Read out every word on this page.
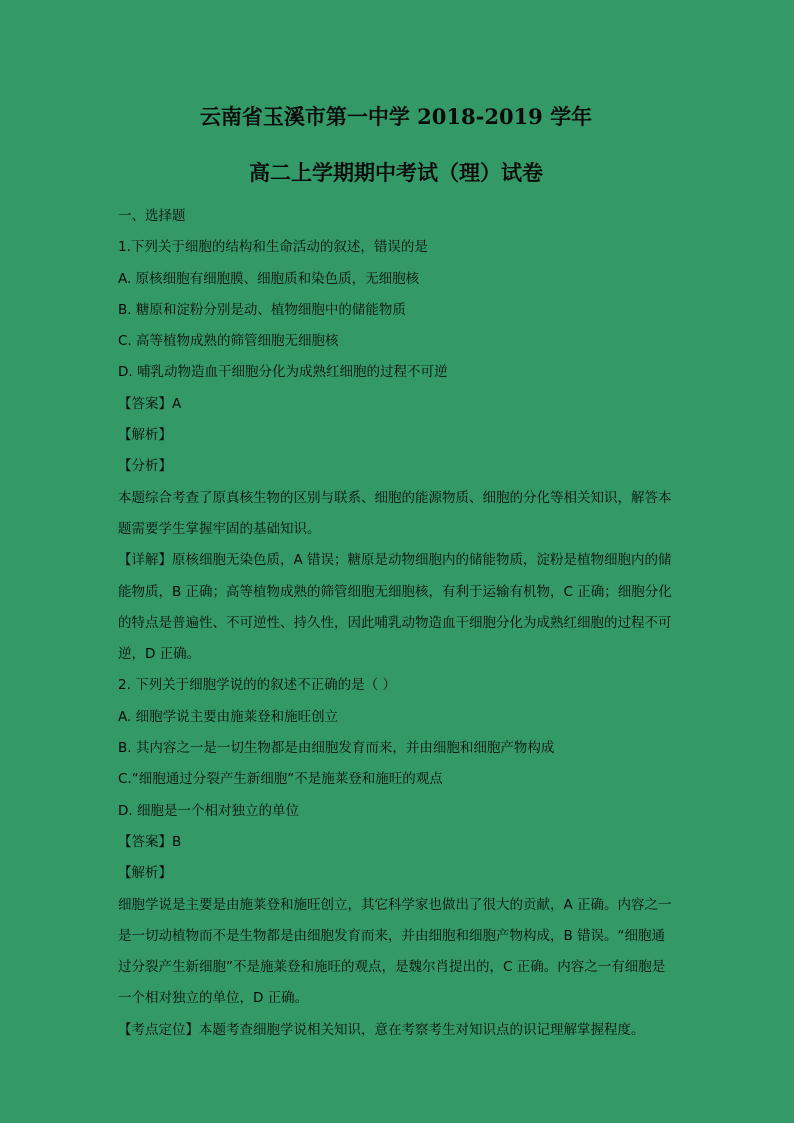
云南省玉溪市第一中学 2018-2019 学年
高二上学期期中考试（理）试卷

一、选择题

1.下列关于细胞的结构和生命活动的叙述，错误的是

A. 原核细胞有细胞膜、细胞质和染色质，无细胞核

B. 糖原和淀粉分别是动、植物细胞中的储能物质

C. 高等植物成熟的筛管细胞无细胞核

D. 哺乳动物造血干细胞分化为成熟红细胞的过程不可逆

【答案】A

【解析】

【分析】

本题综合考查了原真核生物的区别与联系、细胞的能源物质、细胞的分化等相关知识，解答本题需要学生掌握牢固的基础知识。

【详解】原核细胞无染色质，A 错误；糖原是动物细胞内的储能物质，淀粉是植物细胞内的储能物质，B 正确；高等植物成熟的筛管细胞无细胞核，有利于运输有机物，C 正确；细胞分化的特点是普遍性、不可逆性、持久性，因此哺乳动物造血干细胞分化为成熟红细胞的过程不可逆，D 正确。

2. 下列关于细胞学说的的叙述不正确的是（ ）

A. 细胞学说主要由施莱登和施旺创立

B. 其内容之一是一切生物都是由细胞发育而来，并由细胞和细胞产物构成

C.“细胞通过分裂产生新细胞”不是施莱登和施旺的观点

D. 细胞是一个相对独立的单位

【答案】B

【解析】

细胞学说是主要是由施莱登和施旺创立，其它科学家也做出了很大的贡献，A 正确。内容之一是一切动植物而不是生物都是由细胞发育而来，并由细胞和细胞产物构成，B 错误。“细胞通过分裂产生新细胞”不是施莱登和施旺的观点，是魏尔肖提出的，C 正确。内容之一有细胞是一个相对独立的单位，D 正确。

【考点定位】本题考查细胞学说相关知识，意在考察考生对知识点的识记理解掌握程度。
